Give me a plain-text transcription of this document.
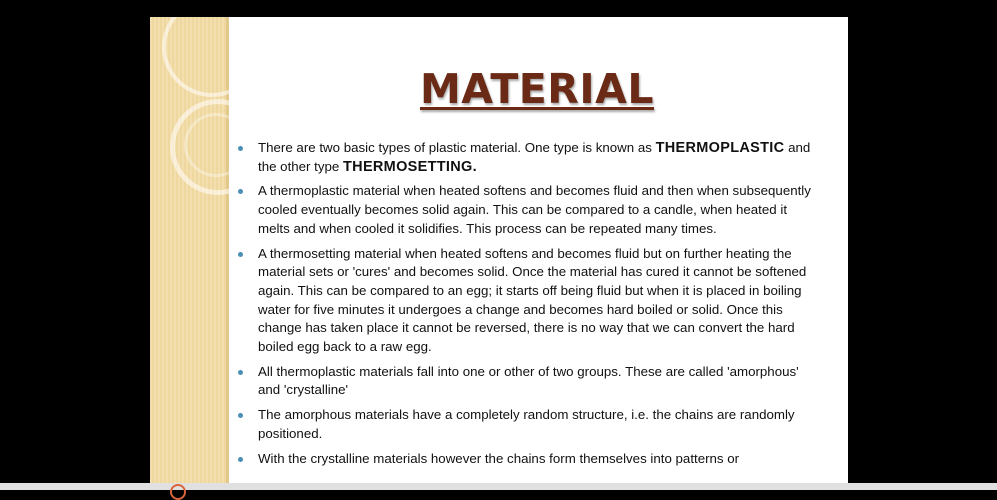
MATERIAL
There are two basic types of plastic material. One type is known as THERMOPLASTIC and the other type THERMOSETTING.
A thermoplastic material when heated softens and becomes fluid and then when subsequently cooled eventually becomes solid again. This can be compared to a candle, when heated it melts and when cooled it solidifies. This process can be repeated many times.
A thermosetting material when heated softens and becomes fluid but on further heating the material sets or 'cures' and becomes solid. Once the material has cured it cannot be softened again. This can be compared to an egg; it starts off being fluid but when it is placed in boiling water for five minutes it undergoes a change and becomes hard boiled or solid. Once this change has taken place it cannot be reversed, there is no way that we can convert the hard boiled egg back to a raw egg.
All thermoplastic materials fall into one or other of two groups. These are called 'amorphous' and 'crystalline'
The amorphous materials have a completely random structure, i.e. the chains are randomly positioned.
With the crystalline materials however the chains form themselves into patterns or
